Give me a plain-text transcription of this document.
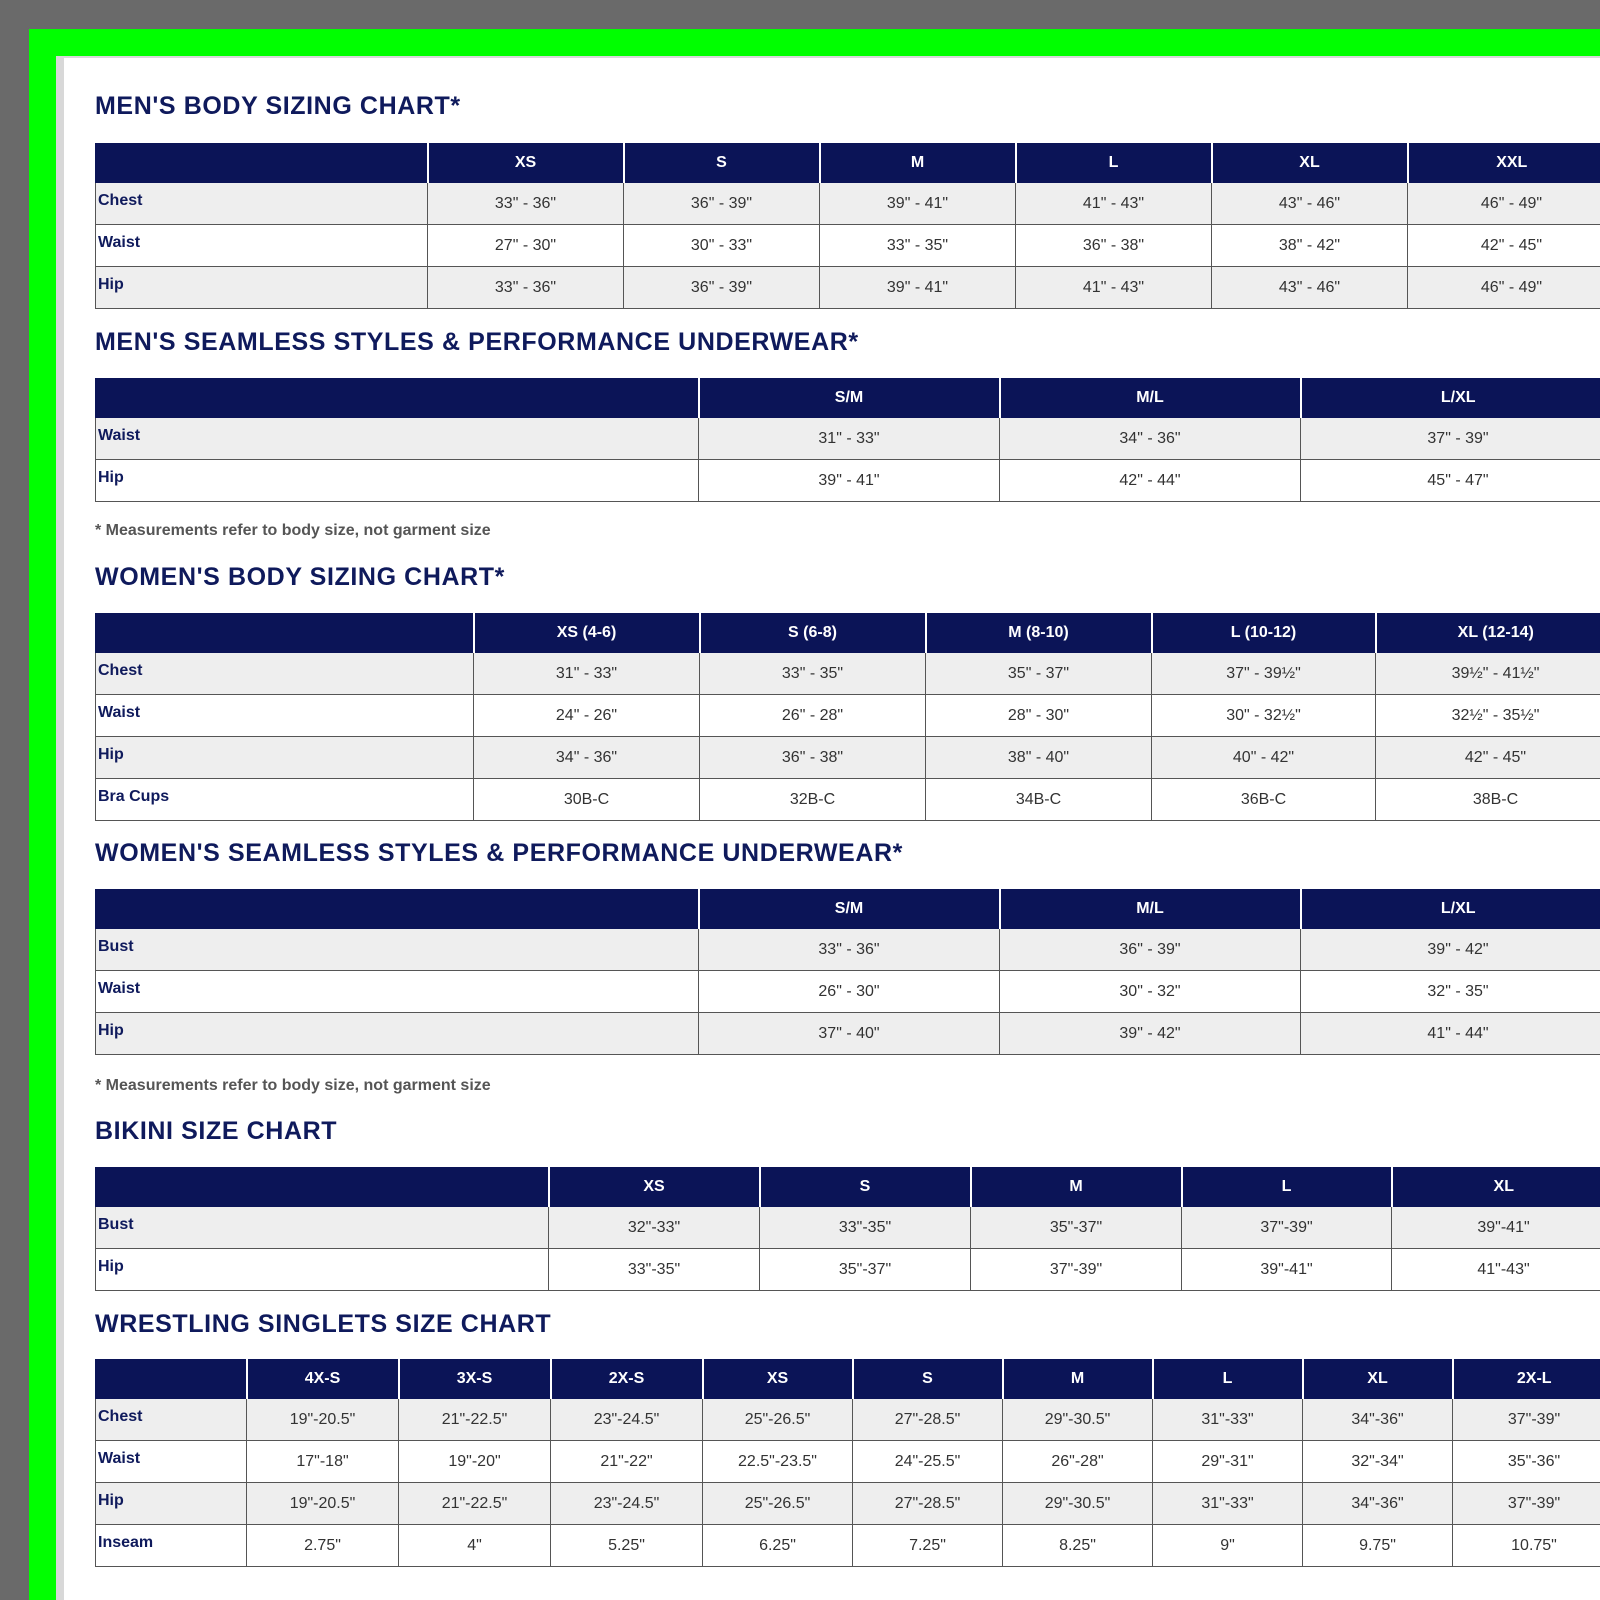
MEN'S BODY SIZING CHART*
	XS	S	M	L	XL	XXL
Chest	33" - 36"	36" - 39"	39" - 41"	41" - 43"	43" - 46"	46" - 49"
Waist	27" - 30"	30" - 33"	33" - 35"	36" - 38"	38" - 42"	42" - 45"
Hip	33" - 36"	36" - 39"	39" - 41"	41" - 43"	43" - 46"	46" - 49"
MEN'S SEAMLESS STYLES & PERFORMANCE UNDERWEAR*
	S/M	M/L	L/XL
Waist	31" - 33"	34" - 36"	37" - 39"
Hip	39" - 41"	42" - 44"	45" - 47"
* Measurements refer to body size, not garment size
WOMEN'S BODY SIZING CHART*
	XS (4-6)	S (6-8)	M (8-10)	L (10-12)	XL (12-14)
Chest	31" - 33"	33" - 35"	35" - 37"	37" - 39½"	39½" - 41½"
Waist	24" - 26"	26" - 28"	28" - 30"	30" - 32½"	32½" - 35½"
Hip	34" - 36"	36" - 38"	38" - 40"	40" - 42"	42" - 45"
Bra Cups	30B-C	32B-C	34B-C	36B-C	38B-C
WOMEN'S SEAMLESS STYLES & PERFORMANCE UNDERWEAR*
	S/M	M/L	L/XL
Bust	33" - 36"	36" - 39"	39" - 42"
Waist	26" - 30"	30" - 32"	32" - 35"
Hip	37" - 40"	39" - 42"	41" - 44"
* Measurements refer to body size, not garment size
BIKINI SIZE CHART
	XS	S	M	L	XL
Bust	32"-33"	33"-35"	35"-37"	37"-39"	39"-41"
Hip	33"-35"	35"-37"	37"-39"	39"-41"	41"-43"
WRESTLING SINGLETS SIZE CHART
	4X-S	3X-S	2X-S	XS	S	M	L	XL	2X-L
Chest	19"-20.5"	21"-22.5"	23"-24.5"	25"-26.5"	27"-28.5"	29"-30.5"	31"-33"	34"-36"	37"-39"
Waist	17"-18"	19"-20"	21"-22"	22.5"-23.5"	24"-25.5"	26"-28"	29"-31"	32"-34"	35"-36"
Hip	19"-20.5"	21"-22.5"	23"-24.5"	25"-26.5"	27"-28.5"	29"-30.5"	31"-33"	34"-36"	37"-39"
Inseam	2.75"	4"	5.25"	6.25"	7.25"	8.25"	9"	9.75"	10.75"
